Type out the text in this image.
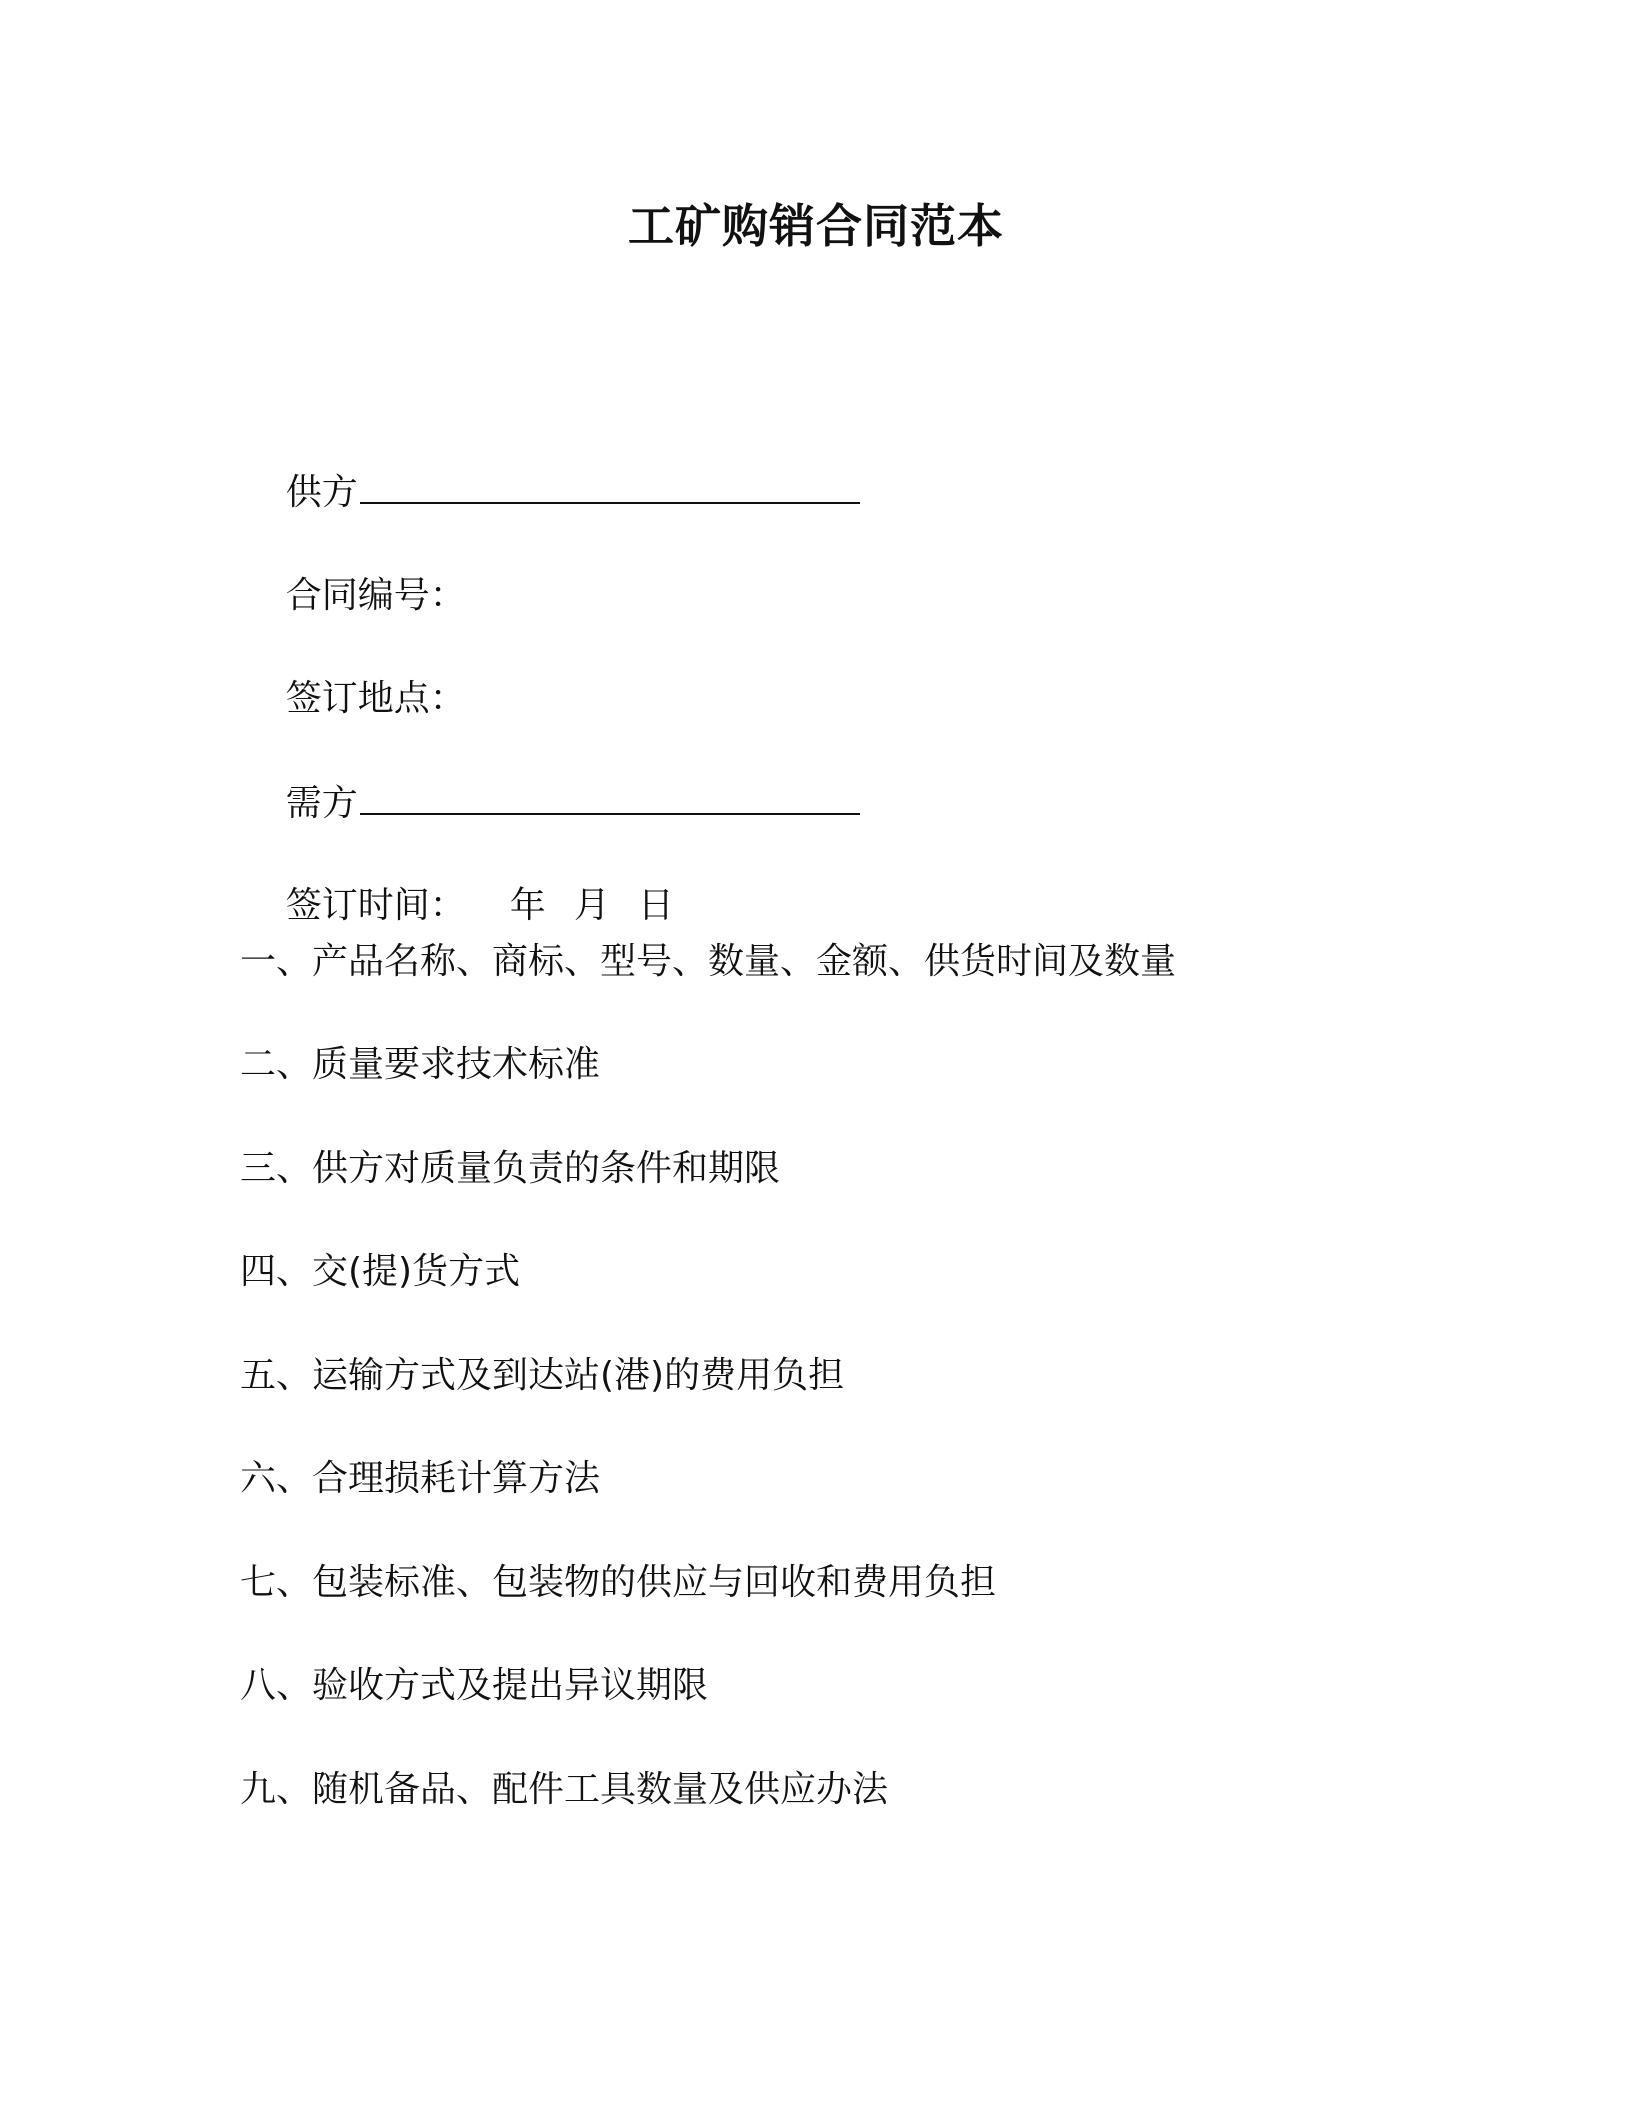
工矿购销合同范本

供方

合同编号：

签订地点：

需方

签订时间： 年 月 日

一、产品名称、商标、型号、数量、金额、供货时间及数量
二、质量要求技术标准
三、供方对质量负责的条件和期限
四、交(提)货方式
五、运输方式及到达站(港)的费用负担
六、合理损耗计算方法
七、包装标准、包装物的供应与回收和费用负担
八、验收方式及提出异议期限
九、随机备品、配件工具数量及供应办法
